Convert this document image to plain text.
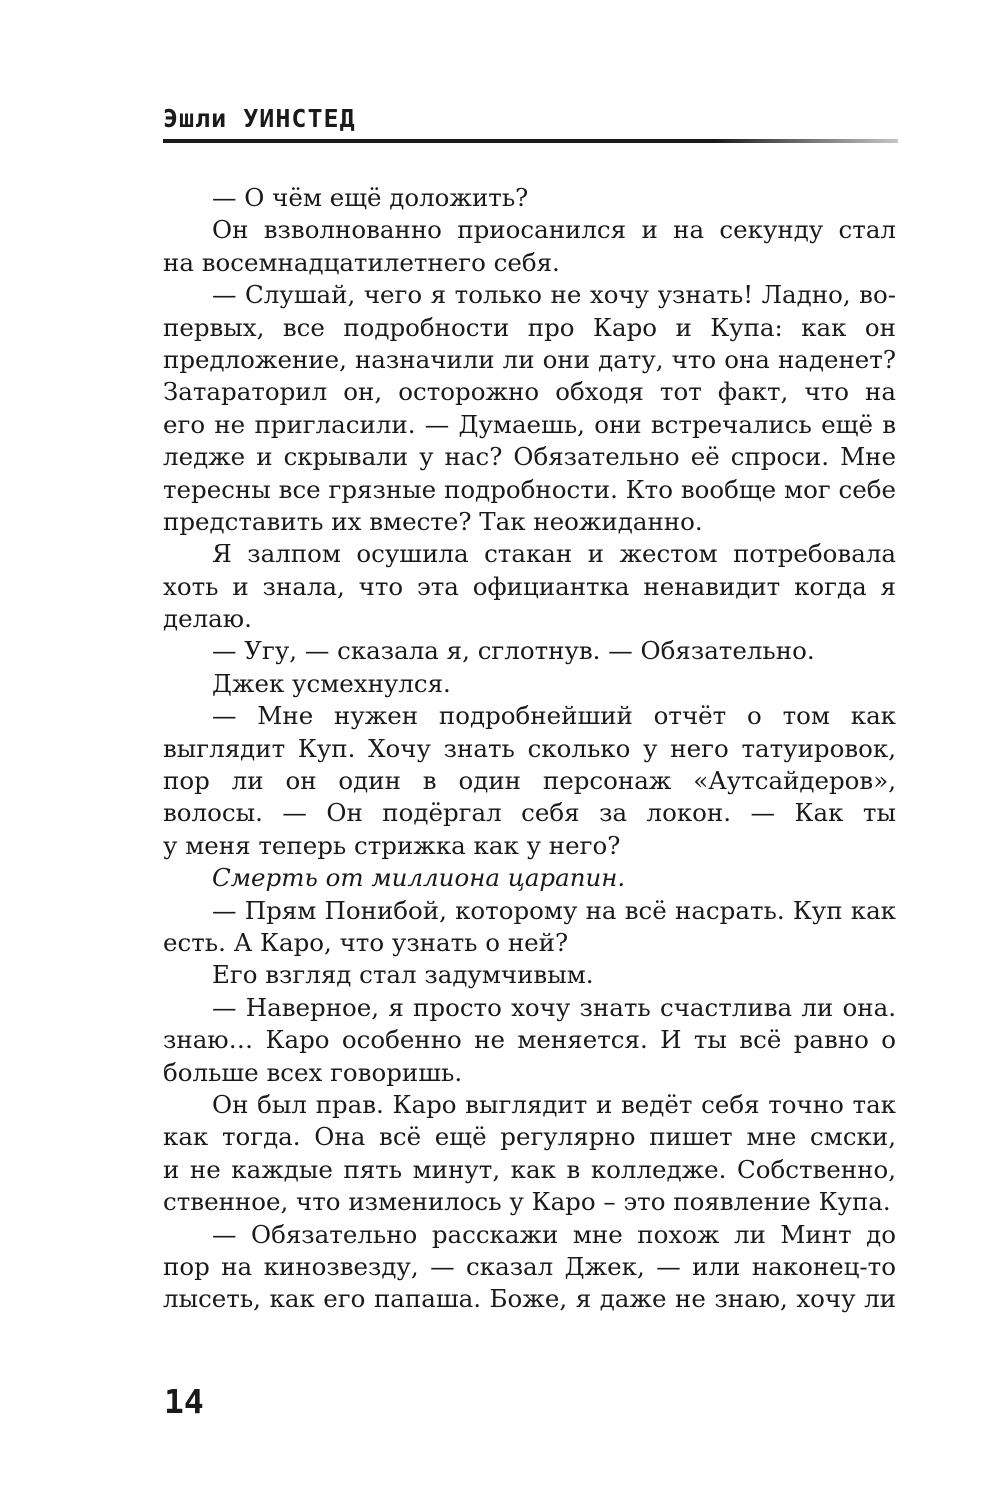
Эшли УИНСТЕД
— О чём ещё доложить?
Он взволнованно приосанился и на секунду стал
на восемнадцатилетнего себя.
— Слушай, чего я только не хочу узнать! Ладно, во-
первых, все подробности про Каро и Купа: как он
предложение, назначили ли они дату, что она наденет?
Затараторил он, осторожно обходя тот факт, что на
его не пригласили. — Думаешь, они встречались ещё в
ледже и скрывали у нас? Обязательно её спроси. Мне
тересны все грязные подробности. Кто вообще мог себе
представить их вместе? Так неожиданно.
Я залпом осушила стакан и жестом потребовала
хоть и знала, что эта официантка ненавидит когда я
делаю.
— Угу, — сказала я, сглотнув. — Обязательно.
Джек усмехнулся.
— Мне нужен подробнейший отчёт о том как
выглядит Куп. Хочу знать сколько у него татуировок,
пор ли он один в один персонаж «Аутсайдеров»,
волосы. — Он подёргал себя за локон. — Как ты
у меня теперь стрижка как у него?
Смерть от миллиона царапин.
— Прям Понибой, которому на всё насрать. Куп как
есть. А Каро, что узнать о ней?
Его взгляд стал задумчивым.
— Наверное, я просто хочу знать счастлива ли она.
знаю… Каро особенно не меняется. И ты всё равно о
больше всех говоришь.
Он был прав. Каро выглядит и ведёт себя точно так
как тогда. Она всё ещё регулярно пишет мне смски,
и не каждые пять минут, как в колледже. Собственно,
ственное, что изменилось у Каро – это появление Купа.
— Обязательно расскажи мне похож ли Минт до
пор на кинозвезду, — сказал Джек, — или наконец-то
лысеть, как его папаша. Боже, я даже не знаю, хочу ли
14
